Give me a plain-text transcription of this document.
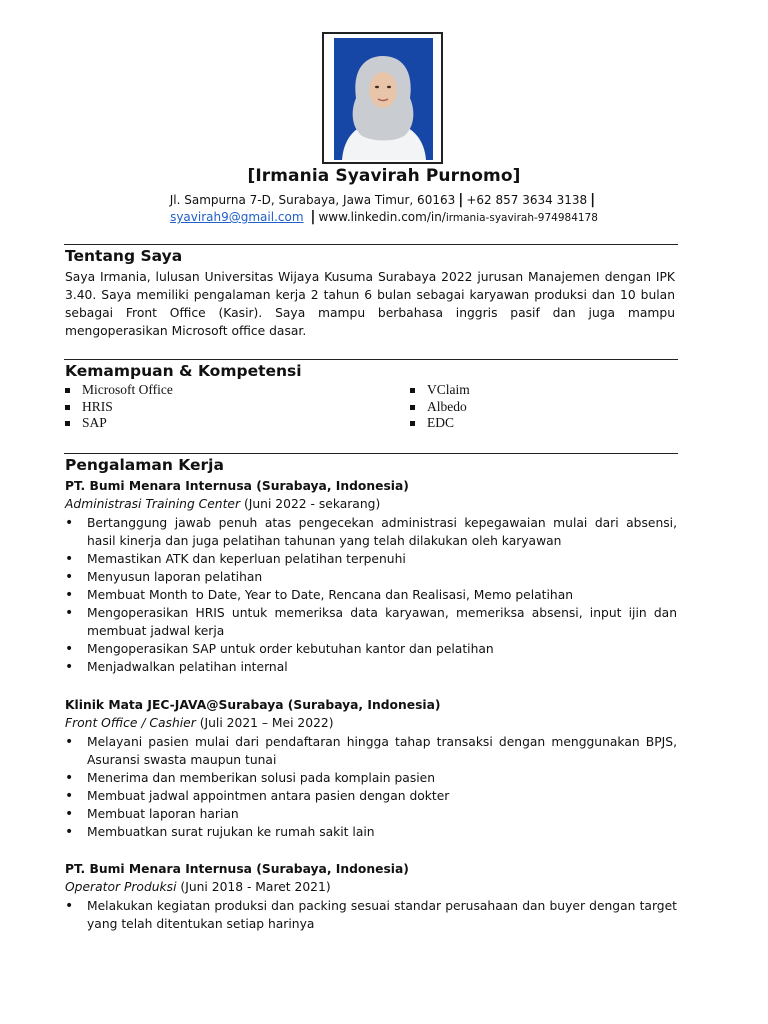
[Irmania Syavirah Purnomo]
Jl. Sampurna 7-D, Surabaya, Jawa Timur, 60163 | +62 857 3634 3138 |
syavirah9@gmail.com | www.linkedin.com/in/irmania-syavirah-974984178
Tentang Saya
Saya Irmania, lulusan Universitas Wijaya Kusuma Surabaya 2022 jurusan Manajemen dengan IPK 3.40. Saya memiliki pengalaman kerja 2 tahun 6 bulan sebagai karyawan produksi dan 10 bulan sebagai Front Office (Kasir). Saya mampu berbahasa inggris pasif dan juga mampu mengoperasikan Microsoft office dasar.
Kemampuan & Kompetensi
Microsoft Office
HRIS
SAP
VClaim
Albedo
EDC
Pengalaman Kerja
PT. Bumi Menara Internusa (Surabaya, Indonesia)
Administrasi Training Center (Juni 2022 - sekarang)
• Bertanggung jawab penuh atas pengecekan administrasi kepegawaian mulai dari absensi, hasil kinerja dan juga pelatihan tahunan yang telah dilakukan oleh karyawan
• Memastikan ATK dan keperluan pelatihan terpenuhi
• Menyusun laporan pelatihan
• Membuat Month to Date, Year to Date, Rencana dan Realisasi, Memo pelatihan
• Mengoperasikan HRIS untuk memeriksa data karyawan, memeriksa absensi, input ijin dan membuat jadwal kerja
• Mengoperasikan SAP untuk order kebutuhan kantor dan pelatihan
• Menjadwalkan pelatihan internal
Klinik Mata JEC-JAVA@Surabaya (Surabaya, Indonesia)
Front Office / Cashier (Juli 2021 – Mei 2022)
• Melayani pasien mulai dari pendaftaran hingga tahap transaksi dengan menggunakan BPJS, Asuransi swasta maupun tunai
• Menerima dan memberikan solusi pada komplain pasien
• Membuat jadwal appointmen antara pasien dengan dokter
• Membuat laporan harian
• Membuatkan surat rujukan ke rumah sakit lain
PT. Bumi Menara Internusa (Surabaya, Indonesia)
Operator Produksi (Juni 2018 - Maret 2021)
• Melakukan kegiatan produksi dan packing sesuai standar perusahaan dan buyer dengan target yang telah ditentukan setiap harinya
